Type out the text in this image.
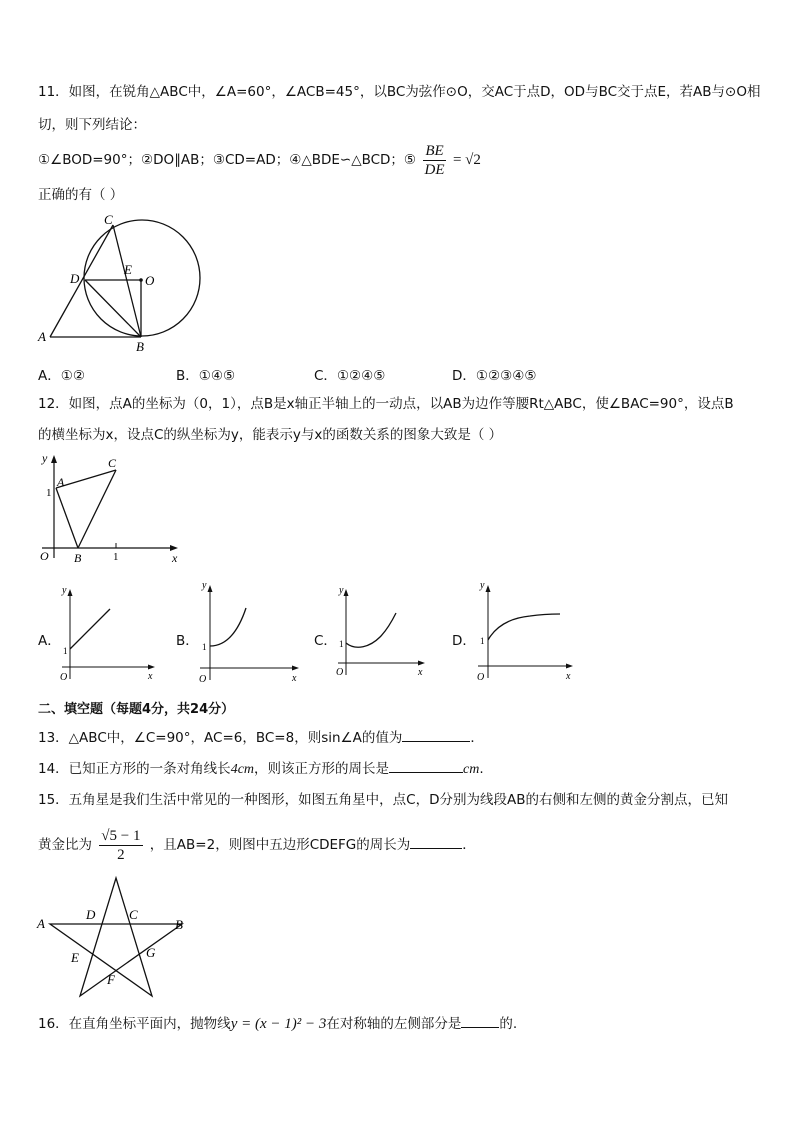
11．如图，在锐角△ABC中，∠A=60°，∠ACB=45°，以BC为弦作⊙O，交AC于点D，OD与BC交于点E，若AB与⊙O相
切，则下列结论：
①∠BOD=90°；②DO∥AB；③CD=AD；④△BDE∽△BCD；⑤ $\frac{BE}{DE} = √2$
正确的有（ ）
C
D
E
O
A
B
A．①②	B．①④⑤	C．①②④⑤	D．①②③④⑤
12．如图，点A的坐标为（0，1），点B是x轴正半轴上的一动点，以AB为边作等腰Rt△ABC，使∠BAC=90°，设点B
的横坐标为x，设点C的纵坐标为y，能表示y与x的函数关系的图象大致是（ ）
y
x
O
1
1
A
B
C
A．
y
x
O
1
B．
y
x
O
1	C．
y
x
O
1	D．
y
x
O
1
二、填空题（每题4分，共24分）
13．△ABC中，∠C=90°，AC=6，BC=8，则sin∠A的值为	．
14．已知正方形的一条对角线长4cm，则该正方形的周长是	cm.
15．五角星是我们生活中常见的一种图形，如图五角星中，点C，D分别为线段AB的右侧和左侧的黄金分割点，已知
黄金比为 $\frac{√5 - 1}{2}$ ，且AB=2，则图中五边形CDEFG的周长为	．
A	B
D	C
E	G
F
16．在直角坐标平面内，抛物线y = (x − 1)² − 3在对称轴的左侧部分是	的.
